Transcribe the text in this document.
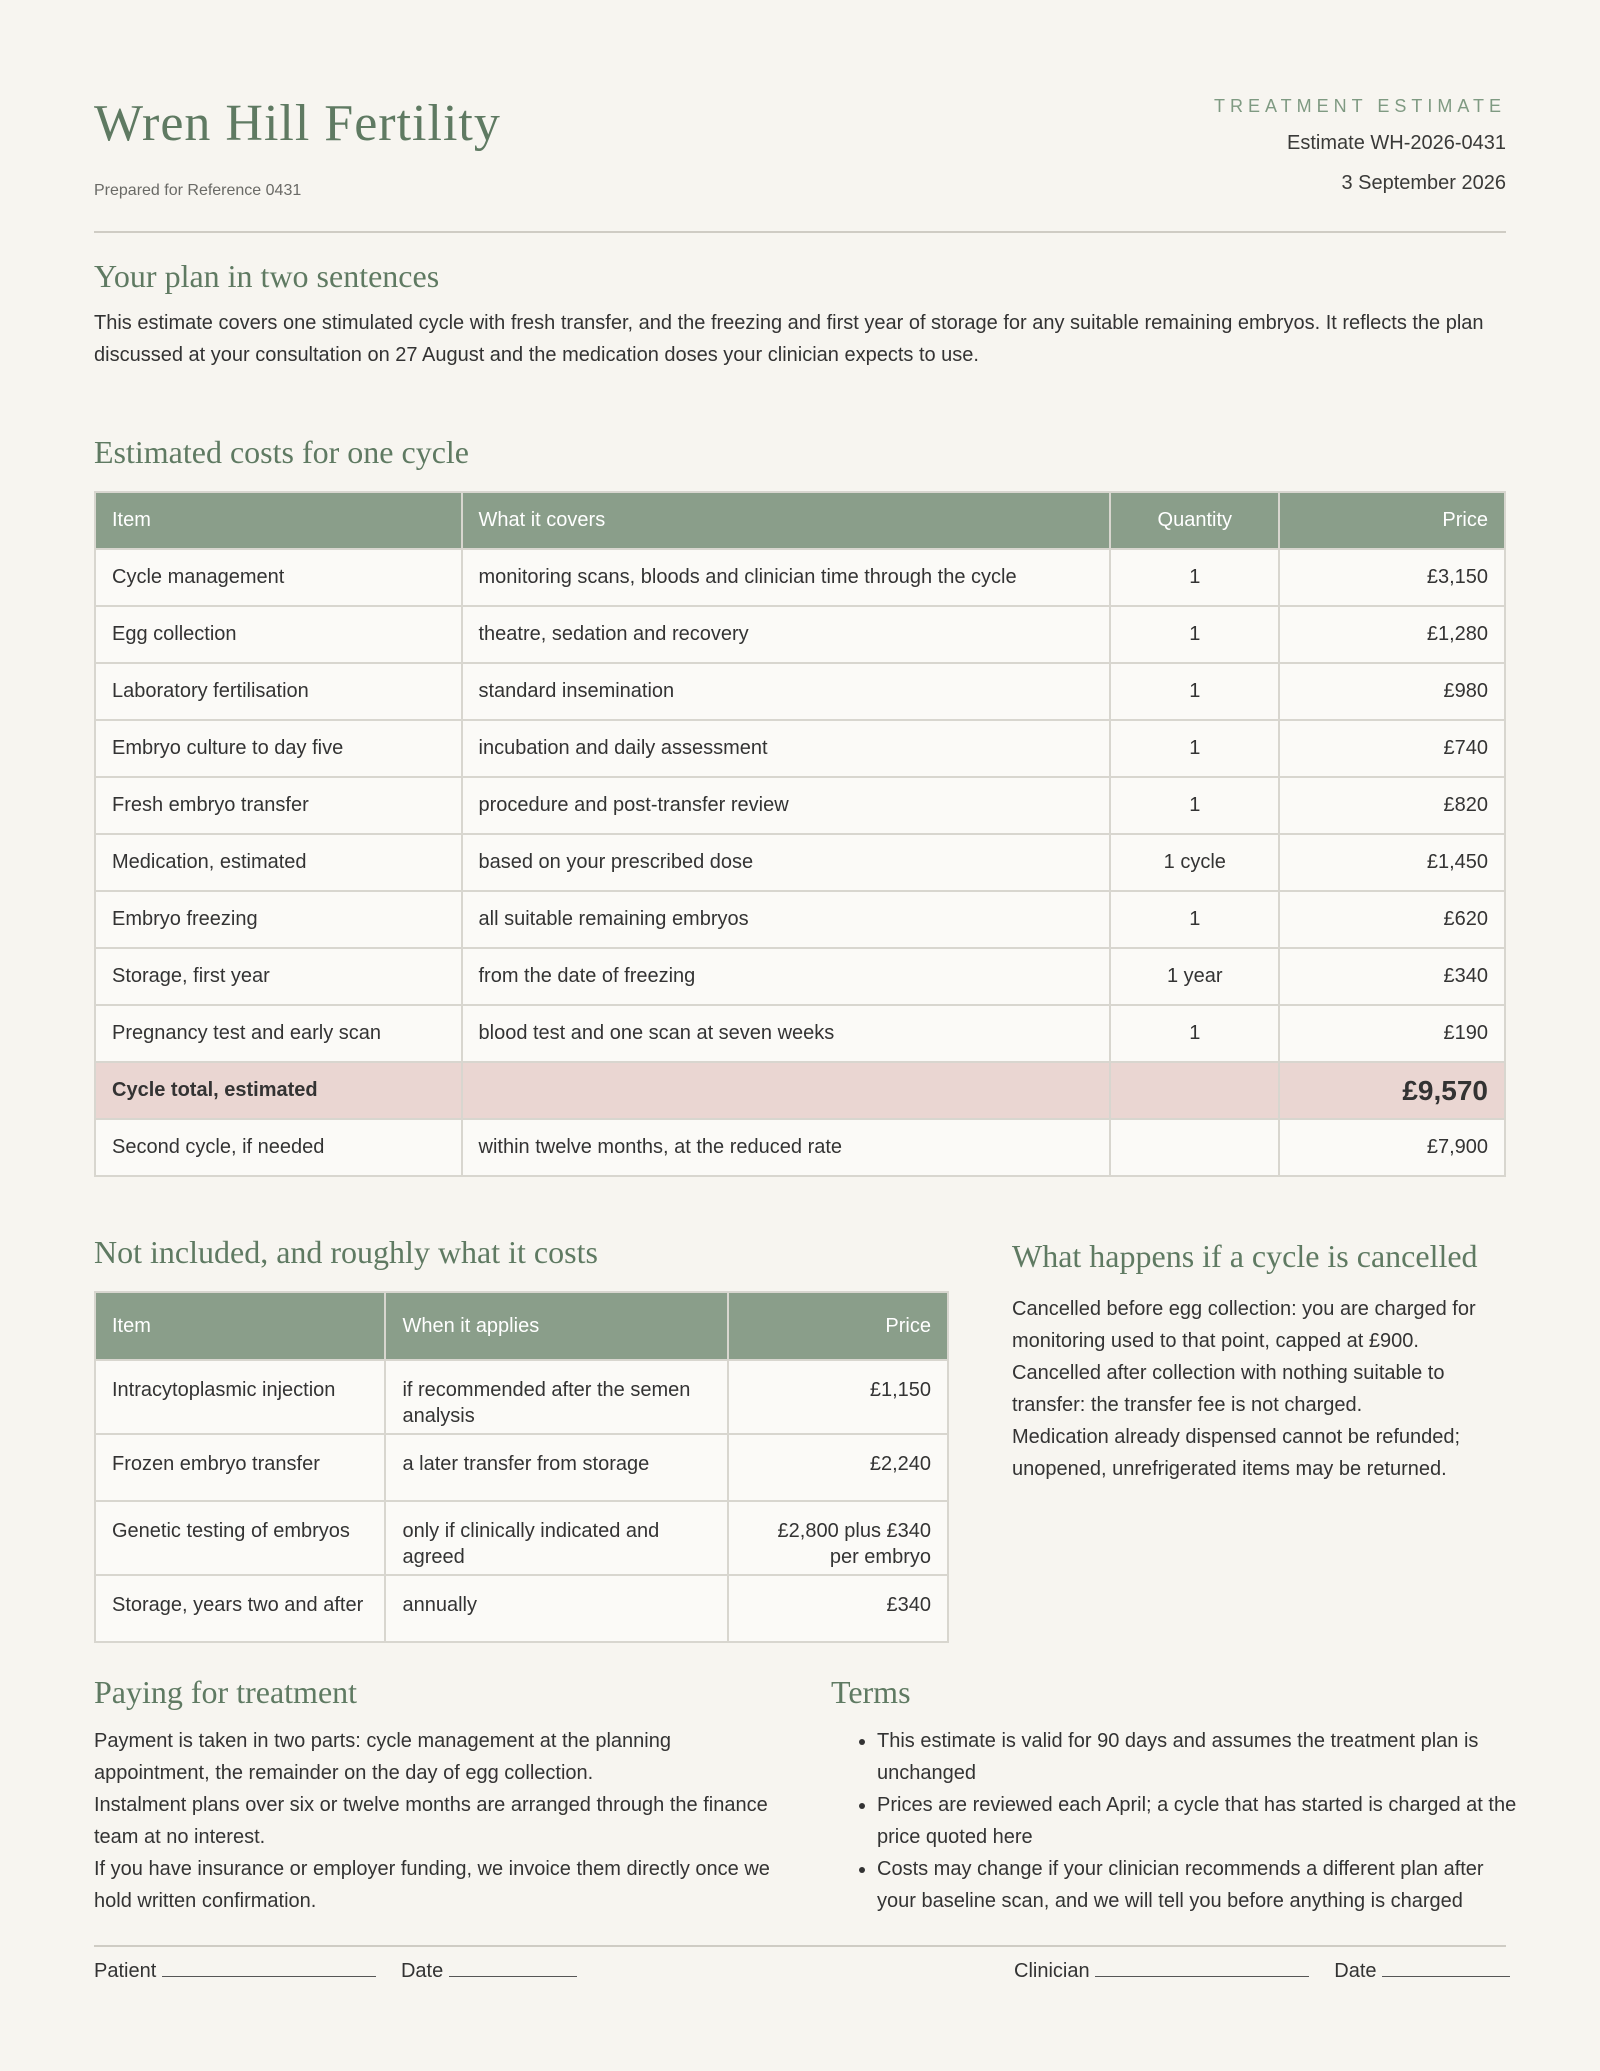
Wren Hill Fertility
Prepared for Reference 0431
TREATMENT ESTIMATE
Estimate WH-2026-0431
3 September 2026
Your plan in two sentences

This estimate covers one stimulated cycle with fresh transfer, and the freezing and first year of storage for any suitable remaining embryos. It reflects the plan discussed at your consultation on 27 August and the medication doses your clinician expects to use.

Estimated costs for one cycle
Item	What it covers	Quantity	Price
Cycle management	monitoring scans, bloods and clinician time through the cycle	1	£3,150
Egg collection	theatre, sedation and recovery	1	£1,280
Laboratory fertilisation	standard insemination	1	£980
Embryo culture to day five	incubation and daily assessment	1	£740
Fresh embryo transfer	procedure and post-transfer review	1	£820
Medication, estimated	based on your prescribed dose	1 cycle	£1,450
Embryo freezing	all suitable remaining embryos	1	£620
Storage, first year	from the date of freezing	1 year	£340
Pregnancy test and early scan	blood test and one scan at seven weeks	1	£190
Cycle total, estimated			£9,570
Second cycle, if needed	within twelve months, at the reduced rate		£7,900
Not included, and roughly what it costs
Item	When it applies	Price
Intracytoplasmic injection	if recommended after the semen analysis	£1,150
Frozen embryo transfer	a later transfer from storage	£2,240
Genetic testing of embryos	only if clinically indicated and agreed	£2,800 plus £340 per embryo
Storage, years two and after	annually	£340
What happens if a cycle is cancelled
Cancelled before egg collection: you are charged for monitoring used to that point, capped at £900.
Cancelled after collection with nothing suitable to transfer: the transfer fee is not charged.
Medication already dispensed cannot be refunded; unopened, unrefrigerated items may be returned.
Paying for treatment
Payment is taken in two parts: cycle management at the planning appointment, the remainder on the day of egg collection.
Instalment plans over six or twelve months are arranged through the finance team at no interest.
If you have insurance or employer funding, we invoice them directly once we hold written confirmation.
Terms
• This estimate is valid for 90 days and assumes the treatment plan is unchanged
• Prices are reviewed each April; a cycle that has started is charged at the price quoted here
• Costs may change if your clinician recommends a different plan after your baseline scan, and we will tell you before anything is charged
Patient	Date	Clinician	Date
